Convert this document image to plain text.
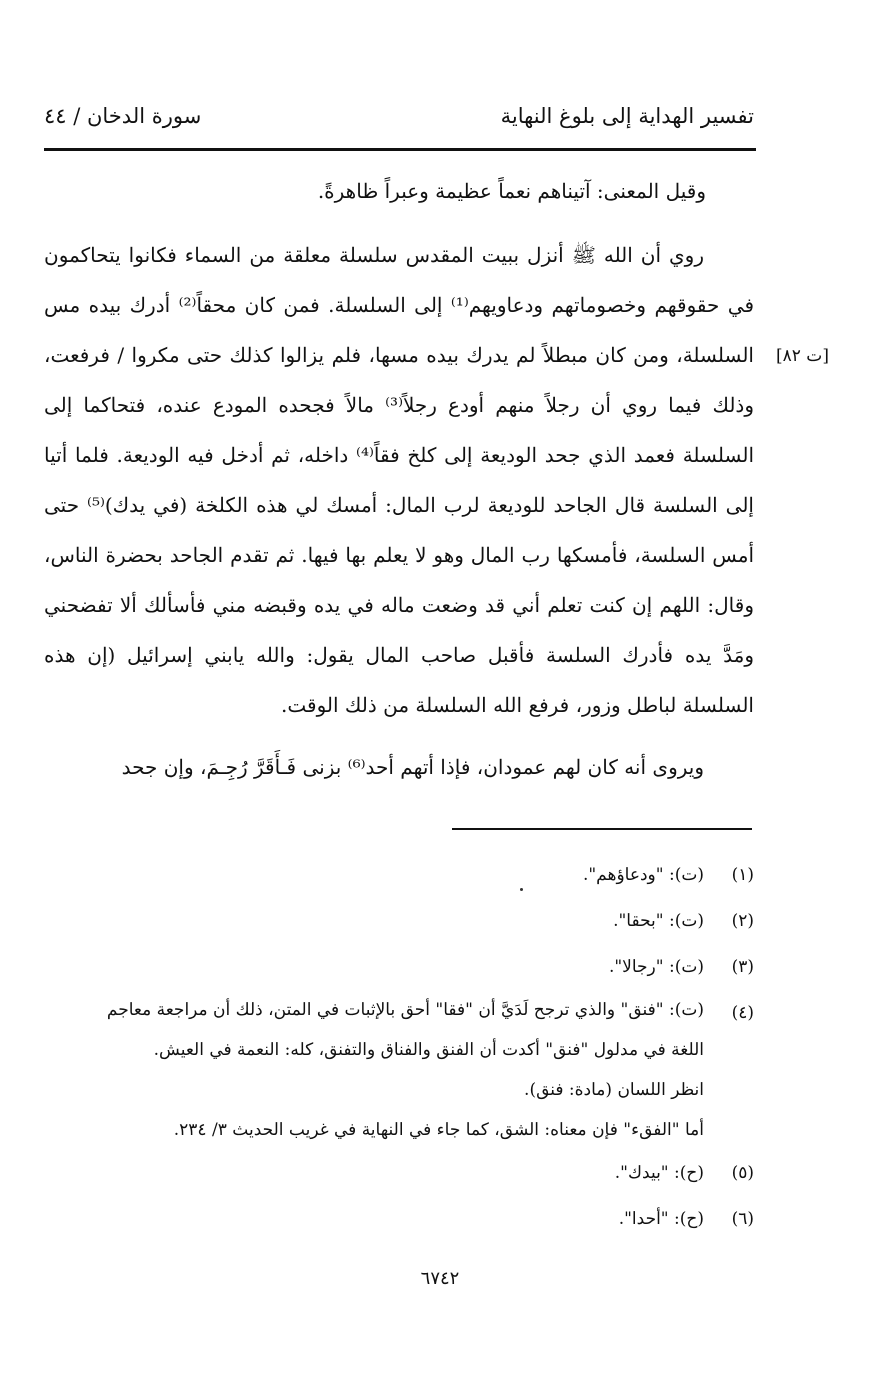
تفسير الهداية إلى بلوغ النهاية
سورة الدخان / ٤٤

وقيل المعنى: آتيناهم نعماً عظيمة وعبراً ظاهرةً.

روي أن الله ﷺ أنزل ببيت المقدس سلسلة معلقة من السماء فكانوا يتحاكمون في حقوقهم وخصوماتهم ودعاويهم⁽¹⁾ إلى السلسلة. فمن كان محقاً⁽²⁾ أدرك بيده مس السلسلة، ومن كان مبطلاً لم يدرك بيده مسها، فلم يزالوا كذلك حتى مكروا / فرفعت، وذلك فيما روي أن رجلاً منهم أودع رجلاً⁽³⁾ مالاً فجحده المودع عنده، فتحاكما إلى السلسلة فعمد الذي جحد الوديعة إلى كلخ فقاً⁽⁴⁾ داخله، ثم أدخل فيه الوديعة. فلما أتيا إلى السلسة قال الجاحد للوديعة لرب المال: أمسك لي هذه الكلخة (في يدك)⁽⁵⁾ حتى أمس السلسة، فأمسكها رب المال وهو لا يعلم بها فيها. ثم تقدم الجاحد بحضرة الناس، وقال: اللهم إن كنت تعلم أني قد وضعت ماله في يده وقبضه مني فأسألك ألا تفضحني ومَدَّ يده فأدرك السلسة فأقبل صاحب المال يقول: والله يابني إسرائيل (إن هذه السلسلة لباطل وزور، فرفع الله السلسلة من ذلك الوقت.

ويروى أنه كان لهم عمودان، فإذا أتهم أحد⁽⁶⁾ بزنى فَـأَقَرَّ رُجِـمَ، وإن جحد

[ت ٨٢]
(١)
(ت): "ودعاؤهم".
(٢)
(ت): "بحقا".
(٣)
(ت): "رجالا".
(٤)
(ت): "فنق" والذي ترجح لَدَيَّ أن "فقا" أحق بالإثبات في المتن، ذلك أن مراجعة معاجم
اللغة في مدلول "فنق" أكدت أن الفنق والفناق والتفنق، كله: النعمة في العيش.
انظر اللسان (مادة: فنق).
أما "الفقء" فإن معناه: الشق، كما جاء في النهاية في غريب الحديث ٣/ ٢٣٤.
(٥)
(ح): "بيدك".
(٦)
(ح): "أحدا".
٦٧٤٢
